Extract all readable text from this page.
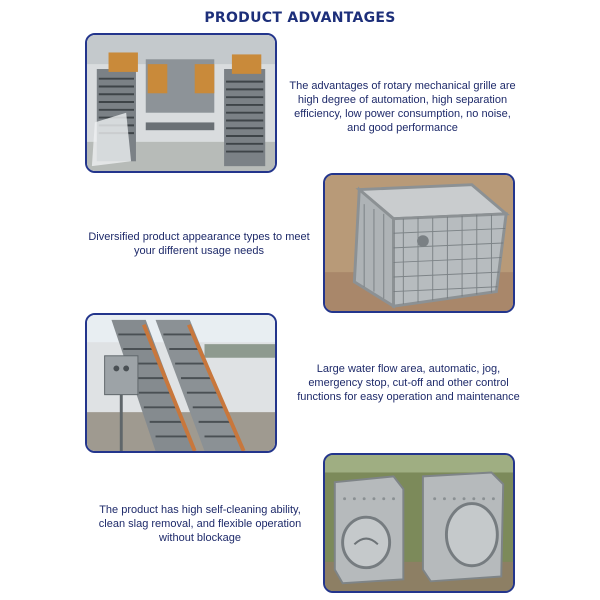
PRODUCT ADVANTAGES
The advantages of rotary mechanical grille are high degree of automation, high separation efficiency, low power consumption, no noise, and good performance
Diversified product appearance types to meet your different usage needs
Large water flow area, automatic, jog, emergency stop, cut-off and other control functions for easy operation and maintenance
The product has high self-cleaning ability, clean slag removal, and flexible operation without blockage
